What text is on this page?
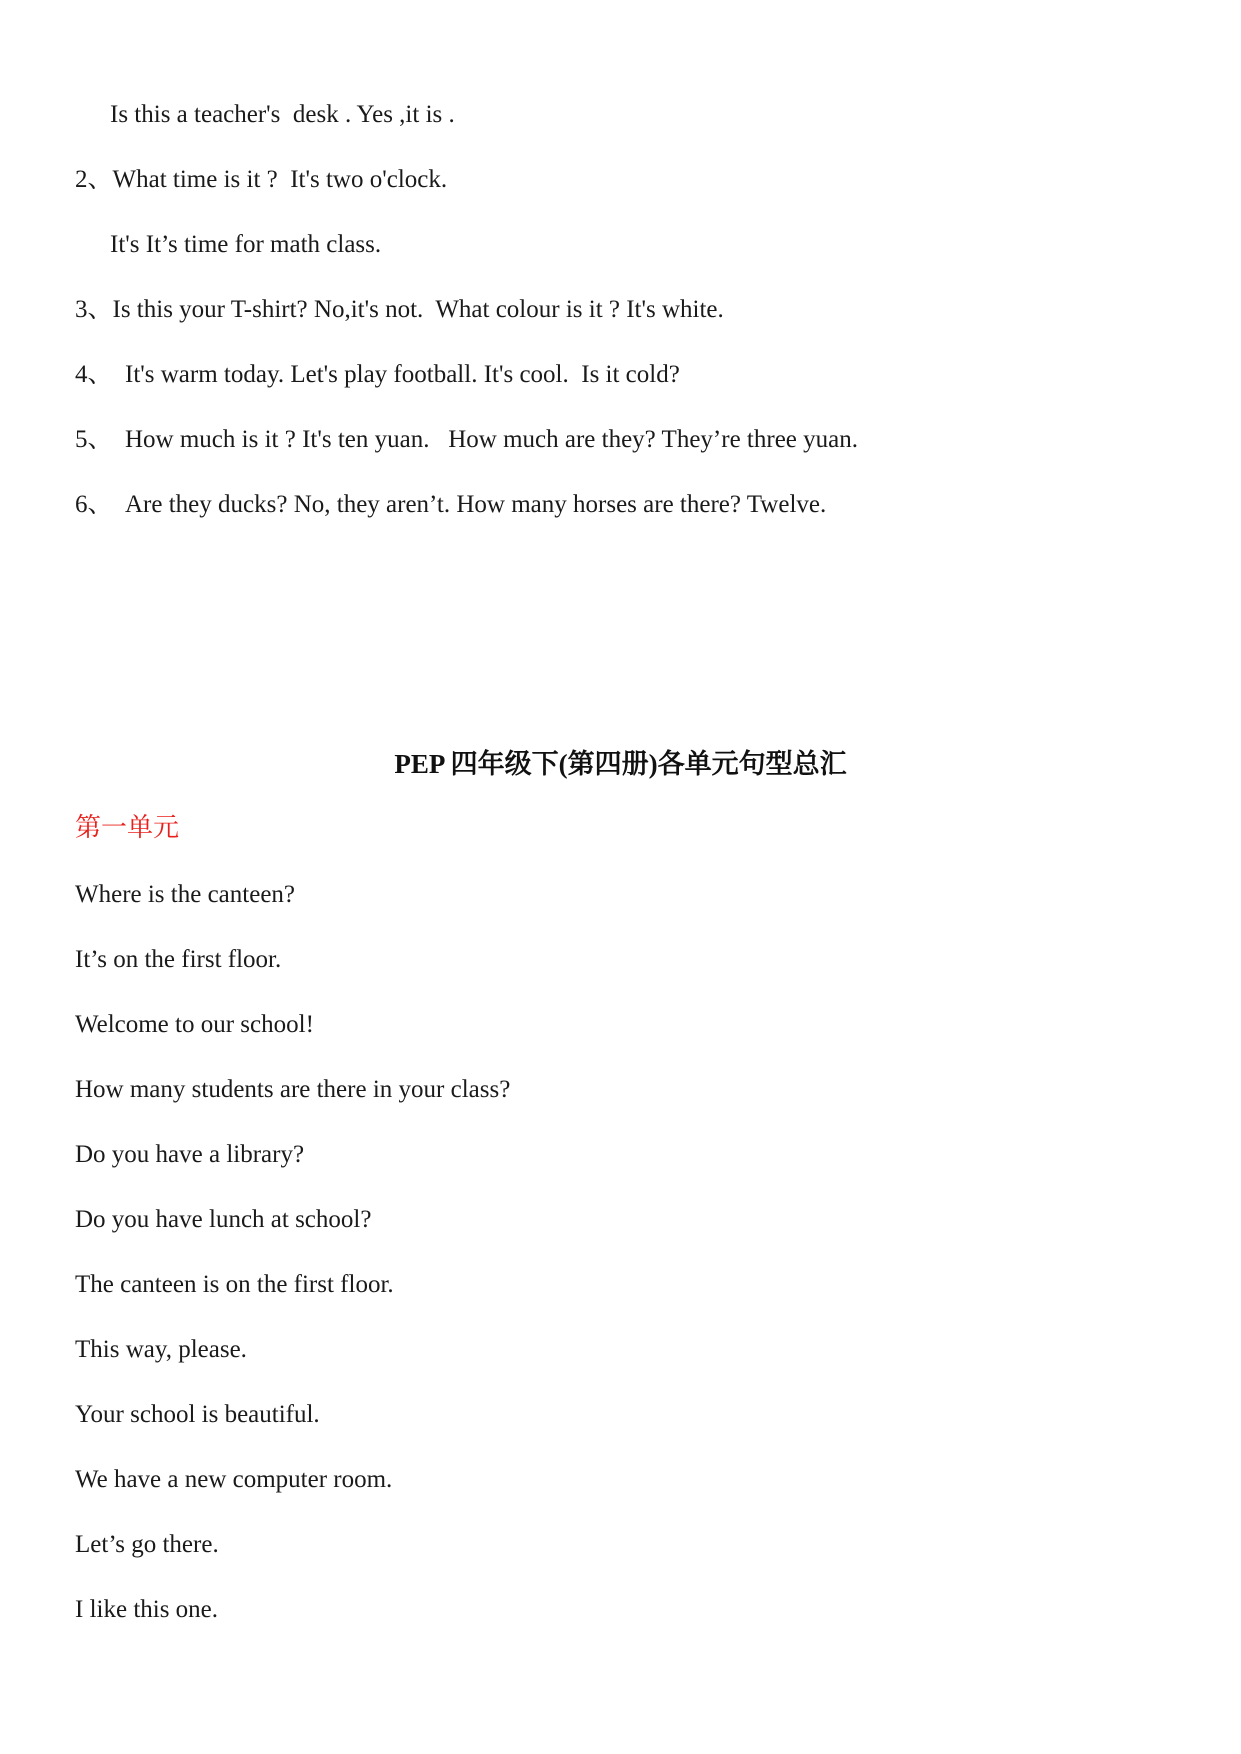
Is this a teacher's  desk . Yes ,it is .
2、What time is it ?  It's two o'clock.
It's It’s time for math class.
3、Is this your T-shirt? No,it's not.  What colour is it ? It's white.
4、  It's warm today. Let's play football. It's cool.  Is it cold?
5、  How much is it ? It's ten yuan.   How much are they? They’re three yuan.
6、  Are they ducks? No, they aren’t. How many horses are there? Twelve.
PEP 四年级下(第四册)各单元句型总汇
第一单元
Where is the canteen?
It’s on the first floor.
Welcome to our school!
How many students are there in your class?
Do you have a library?
Do you have lunch at school?
The canteen is on the first floor.
This way, please.
Your school is beautiful.
We have a new computer room.
Let’s go there.
I like this one.
